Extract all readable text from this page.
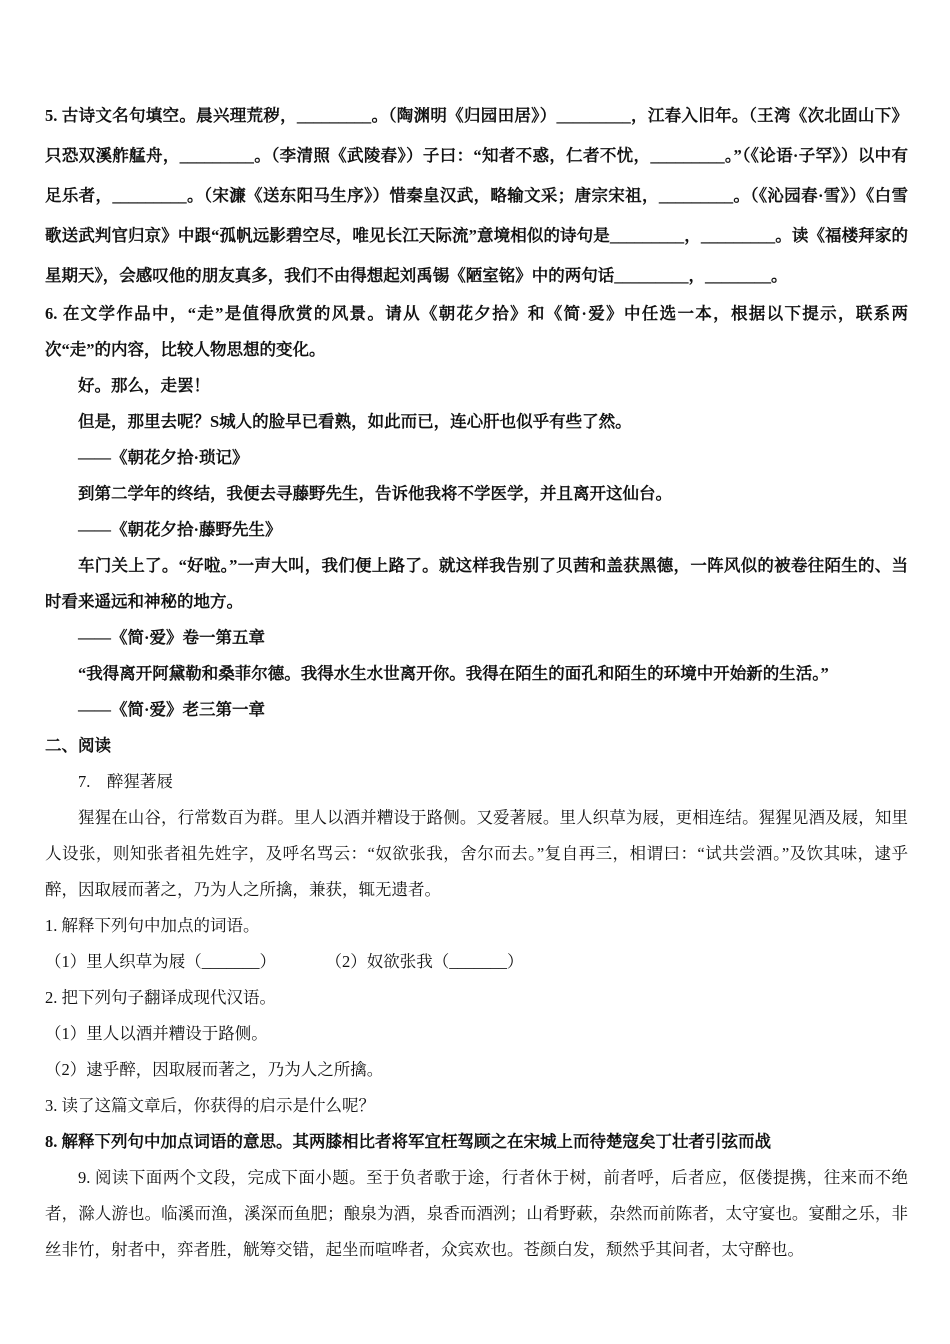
5. 古诗文名句填空。晨兴理荒秽，_________。（陶渊明《归园田居》）_________，江春入旧年。（王湾《次北固山下》只恐双溪舴艋舟，_________。（李清照《武陵春》）子曰：“知者不惑，仁者不忧，_________。”（《论语·子罕》）以中有足乐者，_________。（宋濂《送东阳马生序》）惜秦皇汉武，略输文采；唐宗宋祖，_________。（《沁园春·雪》）《白雪歌送武判官归京》中跟“孤帆远影碧空尽，唯见长江天际流”意境相似的诗句是_________，_________。读《福楼拜家的星期天》，会感叹他的朋友真多，我们不由得想起刘禹锡《陋室铭》中的两句话_________，________。

6. 在文学作品中，“走”是值得欣赏的风景。请从《朝花夕拾》和《简·爱》中任选一本，根据以下提示，联系两次“走”的内容，比较人物思想的变化。

好。那么，走罢！

但是，那里去呢？S城人的脸早已看熟，如此而已，连心肝也似乎有些了然。

——《朝花夕拾·琐记》

到第二学年的终结，我便去寻藤野先生，告诉他我将不学医学，并且离开这仙台。

——《朝花夕拾·藤野先生》

车门关上了。“好啦。”一声大叫，我们便上路了。就这样我告别了贝茜和盖获黑德，一阵风似的被卷往陌生的、当时看来遥远和神秘的地方。

——《简·爱》卷一第五章

“我得离开阿黛勒和桑菲尔德。我得水生水世离开你。我得在陌生的面孔和陌生的环境中开始新的生活。”

——《简·爱》老三第一章

二、阅读

7.　醉猩著屐

猩猩在山谷，行常数百为群。里人以酒并糟设于路侧。又爱著屐。里人织草为屐，更相连结。猩猩见酒及屐，知里人设张，则知张者祖先姓字，及呼名骂云：“奴欲张我，舍尔而去。”复自再三，相谓曰：“试共尝酒。”及饮其味，逮乎醉，因取屐而著之，乃为人之所擒，兼获，辄无遗者。

1. 解释下列句中加点的词语。

（1）里人织草为屐（_______）　　　　（2）奴欲张我（_______）

2. 把下列句子翻译成现代汉语。

（1）里人以酒并糟设于路侧。

（2）逮乎醉，因取屐而著之，乃为人之所擒。

3. 读了这篇文章后，你获得的启示是什么呢？

8. 解释下列句中加点词语的意思。其两膝相比者将军宜枉驾顾之在宋城上而待楚寇矣丁壮者引弦而战

9. 阅读下面两个文段，完成下面小题。至于负者歌于途，行者休于树，前者呼，后者应，伛偻提携，往来而不绝者，滁人游也。临溪而渔，溪深而鱼肥；酿泉为酒，泉香而酒洌；山肴野蔌，杂然而前陈者，太守宴也。宴酣之乐，非丝非竹，射者中，弈者胜，觥筹交错，起坐而喧哗者，众宾欢也。苍颜白发，颓然乎其间者，太守醉也。
